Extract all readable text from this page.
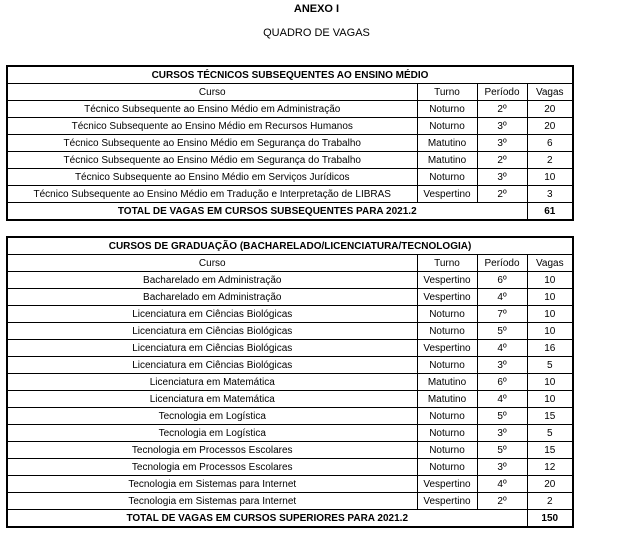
ANEXO I
QUADRO DE VAGAS
CURSOS TÉCNICOS SUBSEQUENTES AO ENSINO MÉDIO			
Curso	Turno	Período	Vagas
Técnico Subsequente ao Ensino Médio em Administração	Noturno	2º	20
Técnico Subsequente ao Ensino Médio em Recursos Humanos	Noturno	3º	20
Técnico Subsequente ao Ensino Médio em Segurança do Trabalho	Matutino	3º	6
Técnico Subsequente ao Ensino Médio em Segurança do Trabalho	Matutino	2º	2
Técnico Subsequente ao Ensino Médio em Serviços Jurídicos	Noturno	3º	10
Técnico Subsequente ao Ensino Médio em Tradução e Interpretação de LIBRAS	Vespertino	2º	3
TOTAL DE VAGAS EM CURSOS SUBSEQUENTES PARA 2021.2			61
CURSOS DE GRADUAÇÃO (BACHARELADO/LICENCIATURA/TECNOLOGIA)			
Curso	Turno	Período	Vagas
Bacharelado em Administração	Vespertino	6º	10
Bacharelado em Administração	Vespertino	4º	10
Licenciatura em Ciências Biológicas	Noturno	7º	10
Licenciatura em Ciências Biológicas	Noturno	5º	10
Licenciatura em Ciências Biológicas	Vespertino	4º	16
Licenciatura em Ciências Biológicas	Noturno	3º	5
Licenciatura em Matemática	Matutino	6º	10
Licenciatura em Matemática	Matutino	4º	10
Tecnologia em Logística	Noturno	5º	15
Tecnologia em Logística	Noturno	3º	5
Tecnologia em Processos Escolares	Noturno	5º	15
Tecnologia em Processos Escolares	Noturno	3º	12
Tecnologia em Sistemas para Internet	Vespertino	4º	20
Tecnologia em Sistemas para Internet	Vespertino	2º	2
TOTAL DE VAGAS EM CURSOS SUPERIORES PARA 2021.2			150
